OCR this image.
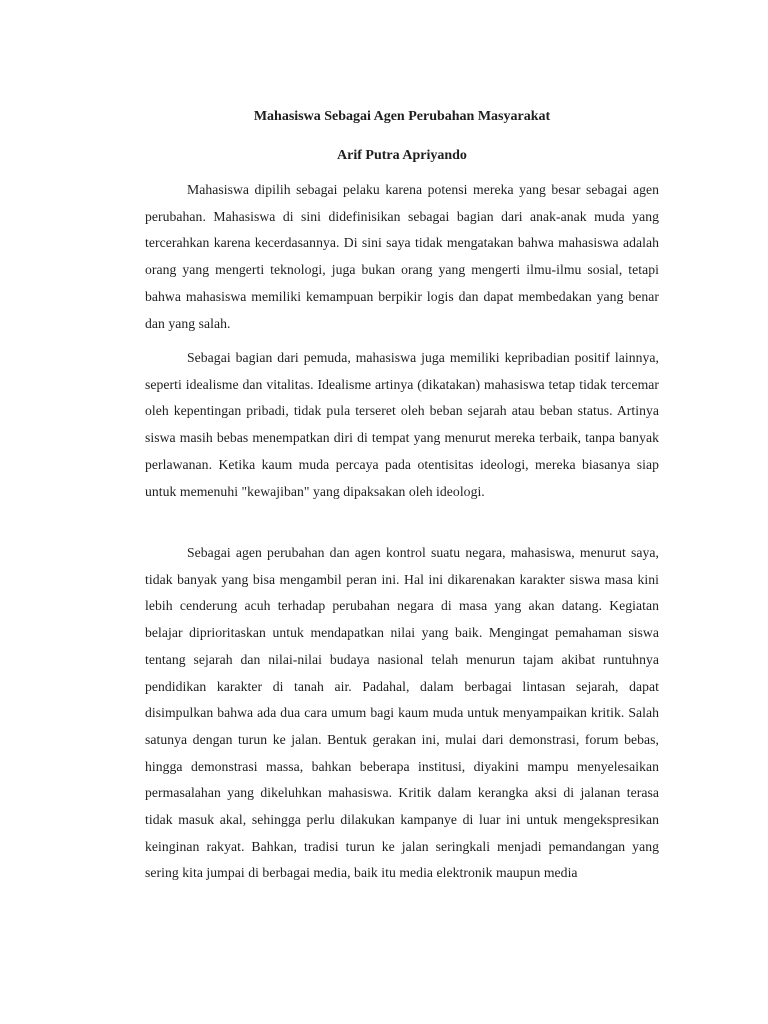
Mahasiswa Sebagai Agen Perubahan Masyarakat
Arif Putra Apriyando

Mahasiswa dipilih sebagai pelaku karena potensi mereka yang besar sebagai agen perubahan. Mahasiswa di sini didefinisikan sebagai bagian dari anak-anak muda yang tercerahkan karena kecerdasannya. Di sini saya tidak mengatakan bahwa mahasiswa adalah orang yang mengerti teknologi, juga bukan orang yang mengerti ilmu-ilmu sosial, tetapi bahwa mahasiswa memiliki kemampuan berpikir logis dan dapat membedakan yang benar dan yang salah.

Sebagai bagian dari pemuda, mahasiswa juga memiliki kepribadian positif lainnya, seperti idealisme dan vitalitas. Idealisme artinya (dikatakan) mahasiswa tetap tidak tercemar oleh kepentingan pribadi, tidak pula terseret oleh beban sejarah atau beban status. Artinya siswa masih bebas menempatkan diri di tempat yang menurut mereka terbaik, tanpa banyak perlawanan. Ketika kaum muda percaya pada otentisitas ideologi, mereka biasanya siap untuk memenuhi "kewajiban" yang dipaksakan oleh ideologi.

Sebagai agen perubahan dan agen kontrol suatu negara, mahasiswa, menurut saya, tidak banyak yang bisa mengambil peran ini. Hal ini dikarenakan karakter siswa masa kini lebih cenderung acuh terhadap perubahan negara di masa yang akan datang. Kegiatan belajar diprioritaskan untuk mendapatkan nilai yang baik. Mengingat pemahaman siswa tentang sejarah dan nilai-nilai budaya nasional telah menurun tajam akibat runtuhnya pendidikan karakter di tanah air. Padahal, dalam berbagai lintasan sejarah, dapat disimpulkan bahwa ada dua cara umum bagi kaum muda untuk menyampaikan kritik. Salah satunya dengan turun ke jalan. Bentuk gerakan ini, mulai dari demonstrasi, forum bebas, hingga demonstrasi massa, bahkan beberapa institusi, diyakini mampu menyelesaikan permasalahan yang dikeluhkan mahasiswa. Kritik dalam kerangka aksi di jalanan terasa tidak masuk akal, sehingga perlu dilakukan kampanye di luar ini untuk mengekspresikan keinginan rakyat. Bahkan, tradisi turun ke jalan seringkali menjadi pemandangan yang sering kita jumpai di berbagai media, baik itu media elektronik maupun media
